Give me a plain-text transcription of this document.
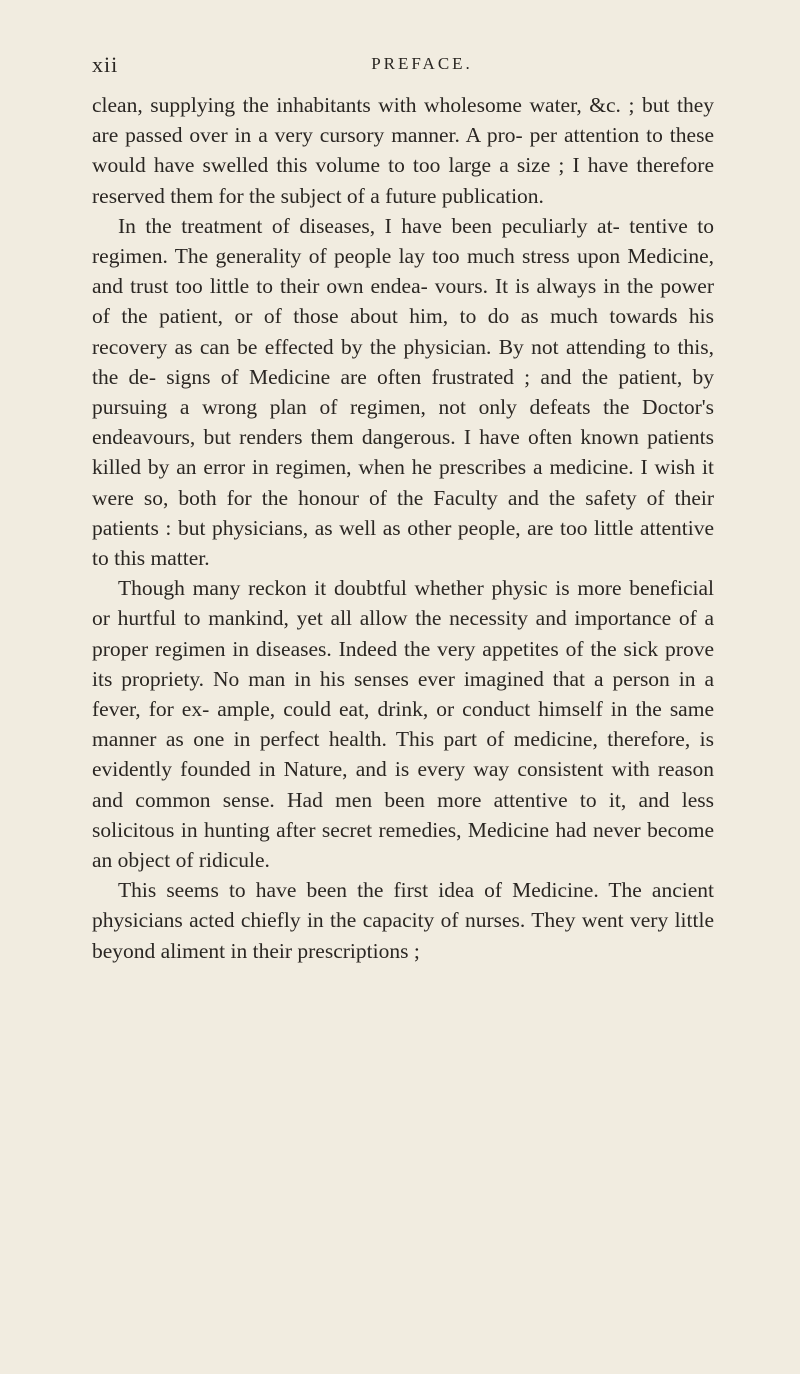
xii	PREFACE.

clean, supplying the inhabitants with wholesome water, &c. ; but they are passed over in a very cursory manner. A pro- per attention to these would have swelled this volume to too large a size ; I have therefore reserved them for the subject of a future publication.

In the treatment of diseases, I have been peculiarly at- tentive to regimen. The generality of people lay too much stress upon Medicine, and trust too little to their own endea- vours. It is always in the power of the patient, or of those about him, to do as much towards his recovery as can be effected by the physician. By not attending to this, the de- signs of Medicine are often frustrated ; and the patient, by pursuing a wrong plan of regimen, not only defeats the Doctor's endeavours, but renders them dangerous. I have often known patients killed by an error in regimen, when he prescribes a medicine. I wish it were so, both for the honour of the Faculty and the safety of their patients : but physicians, as well as other people, are too little attentive to this matter.

Though many reckon it doubtful whether physic is more beneficial or hurtful to mankind, yet all allow the necessity and importance of a proper regimen in diseases. Indeed the very appetites of the sick prove its propriety. No man in his senses ever imagined that a person in a fever, for ex- ample, could eat, drink, or conduct himself in the same manner as one in perfect health. This part of medicine, therefore, is evidently founded in Nature, and is every way consistent with reason and common sense. Had men been more attentive to it, and less solicitous in hunting after secret remedies, Medicine had never become an object of ridicule.

This seems to have been the first idea of Medicine. The ancient physicians acted chiefly in the capacity of nurses. They went very little beyond aliment in their prescriptions ;
